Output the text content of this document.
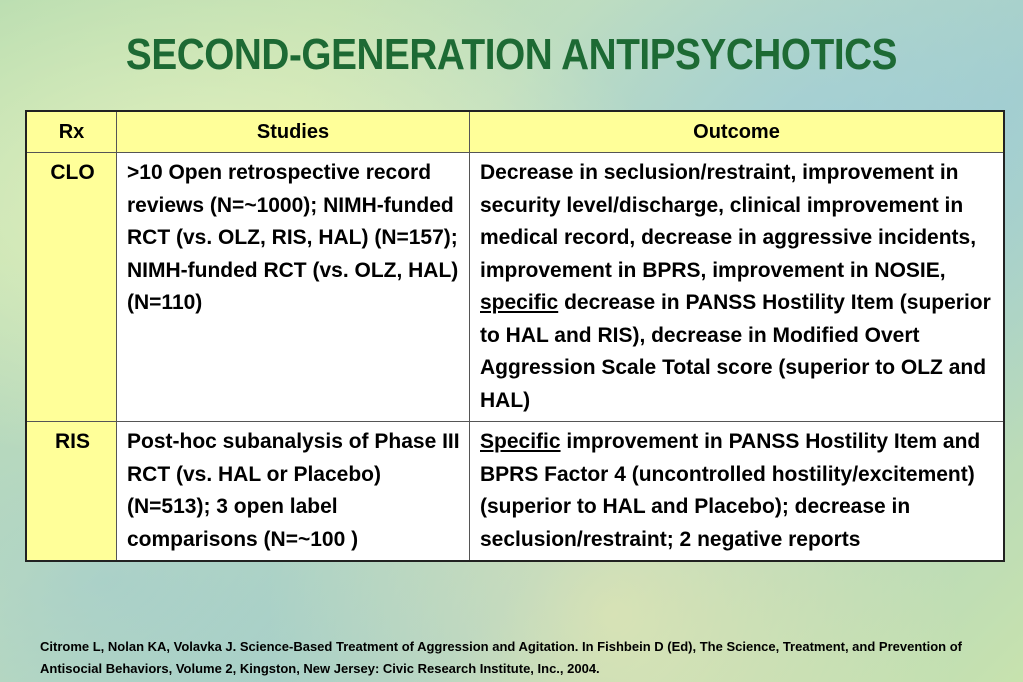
SECOND-GENERATION ANTIPSYCHOTICS
Rx	Studies	Outcome
CLO	>10 Open retrospective record reviews (N=~1000); NIMH-funded RCT (vs. OLZ, RIS, HAL) (N=157); NIMH-funded RCT (vs. OLZ, HAL) (N=110)	Decrease in seclusion/restraint, improvement in security level/discharge, clinical improvement in medical record, decrease in aggressive incidents, improvement in BPRS, improvement in NOSIE, specific decrease in PANSS Hostility Item (superior to HAL and RIS), decrease in Modified Overt Aggression Scale Total score (superior to OLZ and HAL)
RIS	Post-hoc subanalysis of Phase III RCT (vs. HAL or Placebo) (N=513); 3 open label comparisons (N=~100 )	Specific improvement in PANSS Hostility Item and BPRS Factor 4 (uncontrolled hostility/excitement) (superior to HAL and Placebo); decrease in seclusion/restraint; 2 negative reports
Citrome L, Nolan KA, Volavka J. Science-Based Treatment of Aggression and Agitation. In Fishbein D (Ed), The Science, Treatment, and Prevention of Antisocial Behaviors, Volume 2, Kingston, New Jersey: Civic Research Institute, Inc., 2004.
